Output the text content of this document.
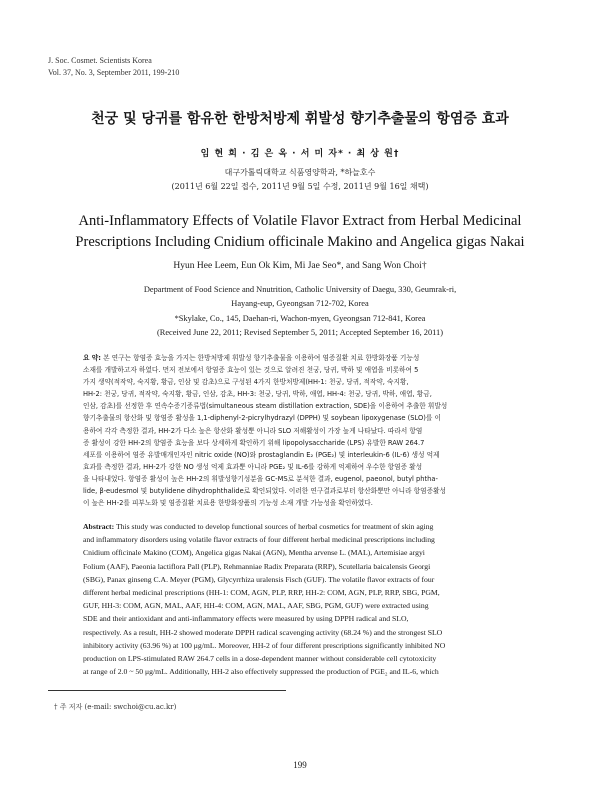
J. Soc. Cosmet. Scientists Korea
Vol. 37, No. 3, September 2011, 199-210
천궁 및 당귀를 함유한 한방처방제 휘발성 향기추출물의 항염증 효과
임 현 희 · 김 은 옥 · 서 미 자* · 최 상 원†
대구가톨릭대학교 식품영양학과, *하늘호수
(2011년 6월 22일 접수, 2011년 9월 5일 수정, 2011년 9월 16일 채택)
Anti-Inflammatory Effects of Volatile Flavor Extract from Herbal Medicinal
Prescriptions Including Cnidium officinale Makino and Angelica gigas Nakai
Hyun Hee Leem, Eun Ok Kim, Mi Jae Seo*, and Sang Won Choi†
Department of Food Science and Nnutrition, Catholic University of Daegu, 330, Geumrak-ri,
Hayang-eup, Gyeongsan 712-702, Korea
*Skylake, Co., 145, Daehan-ri, Wachon-myen, Gyeongsan 712-841, Korea
(Received June 22, 2011; Revised September 5, 2011; Accepted September 16, 2011)
요 약: 본 연구는 항염증 효능을 가지는 한방처방제 휘발성 향기추출물을 이용하여 염증질환 치료 한방화장품 기능성
소재를 개발하고자 하였다. 먼저 전보에서 항염증 효능이 있는 것으로 알려진 천궁, 당귀, 박하 및 애엽을 비롯하여 5
가지 생약(적작약, 숙지황, 황금, 인삼 및 감초)으로 구성된 4가지 한방처방제(HH-1: 천궁, 당귀, 적작약, 숙지황,
HH-2: 천궁, 당귀, 적작약, 숙지황, 황금, 인삼, 감초, HH-3: 천궁, 당귀, 박하, 애엽, HH-4: 천궁, 당귀, 박하, 애엽, 황금,
인삼, 감초)를 선정한 후 연속수증기증류법(simultaneous steam distillation extraction, SDE)을 이용하여 추출한 휘발성
향기추출물의 항산화 및 항염증 활성을 1,1-diphenyl-2-picrylhydrazyl (DPPH) 및 soybean lipoxygenase (SLO)를 이
용하여 각각 측정한 결과, HH-2가 다소 높은 항산화 활성뿐 아니라 SLO 저해활성이 가장 높게 나타났다. 따라서 항염
증 활성이 강한 HH-2의 항염증 효능을 보다 상세하게 확인하기 위해 lipopolysaccharide (LPS) 유발한 RAW 264.7
세포를 이용하여 염증 유발매개인자인 nitric oxide (NO)와 prostaglandin E₂ (PGE₂) 및 interleukin-6 (IL-6) 생성 억제
효과를 측정한 결과, HH-2가 강한 NO 생성 억제 효과뿐 아니라 PGE₂ 및 IL-6를 강하게 억제하여 우수한 항염증 활성
을 나타내었다. 항염증 활성이 높은 HH-2의 휘발성향기성분을 GC-MS로 분석한 결과, eugenol, paeonol, butyl phtha-
lide, β-eudesmol 및 butylidene dihydrophthalide로 확인되었다. 이러한 연구결과로부터 항산화뿐만 아니라 항염증활성
이 높은 HH-2를 피부노화 및 염증질환 치료용 한방화장품의 기능성 소재 개발 가능성을 확인하였다.
Abstract: This study was conducted to develop functional sources of herbal cosmetics for treatment of skin aging
and inflammatory disorders using volatile flavor extracts of four different herbal medicinal prescriptions including
Cnidium officinale Makino (COM), Angelica gigas Nakai (AGN), Mentha arvense L. (MAL), Artemisiae argyi
Folium (AAF), Paeonia lactiflora Pall (PLP), Rehmanniae Radix Preparata (RRP), Scutellaria baicalensis Georgi
(SBG), Panax ginseng C.A. Meyer (PGM), Glycyrrhiza uralensis Fisch (GUF). The volatile flavor extracts of four
different herbal medicinal prescriptions (HH-1: COM, AGN, PLP, RRP, HH-2: COM, AGN, PLP, RRP, SBG, PGM,
GUF, HH-3: COM, AGN, MAL, AAF, HH-4: COM, AGN, MAL, AAF, SBG, PGM, GUF) were extracted using
SDE and their antioxidant and anti-inflammatory effects were measured by using DPPH radical and SLO,
respectively. As a result, HH-2 showed moderate DPPH radical scavenging activity (68.24 %) and the strongest SLO
inhibitory activity (63.96 %) at 100 μg/mL. Moreover, HH-2 of four different prescriptions significantly inhibited NO
production on LPS-stimulated RAW 264.7 cells in a dose-dependent manner without considerable cell cytotoxicity
at range of 2.0 ~ 50 μg/mL. Additionally, HH-2 also effectively suppressed the production of PGE₂ and IL-6, which
† 주 저자 (e-mail: swchoi@cu.ac.kr)
199
